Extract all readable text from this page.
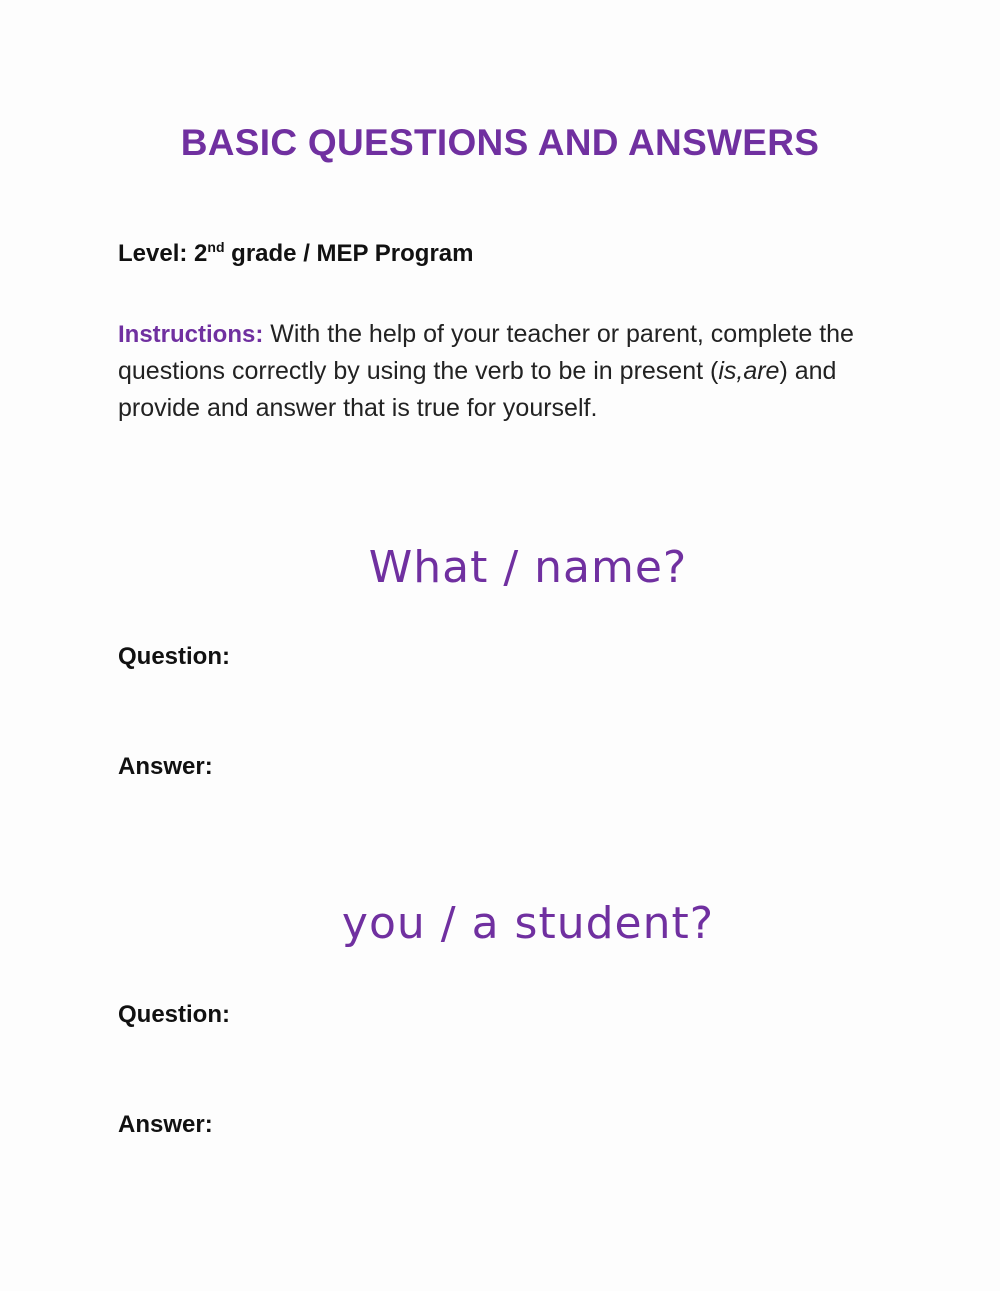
BASIC QUESTIONS AND ANSWERS
Level: 2nd grade / MEP Program
Instructions: With the help of your teacher or parent, complete the questions correctly by using the verb to be in present (is,are) and provide and answer that is true for yourself.
What / name?
Question:
Answer:
you / a student?
Question:
Answer:
